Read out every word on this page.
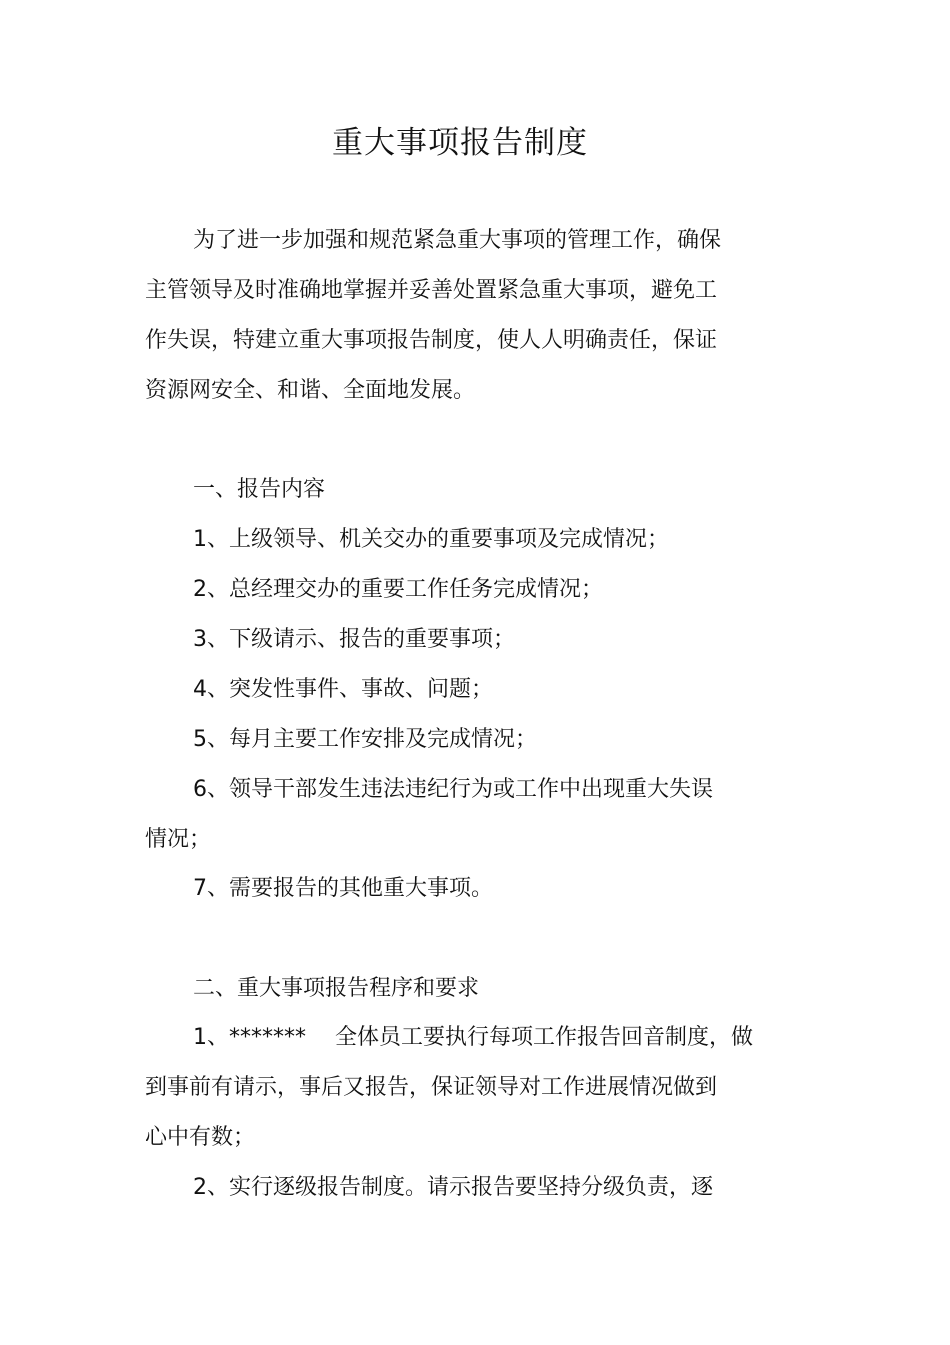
重大事项报告制度

为了进一步加强和规范紧急重大事项的管理工作，确保

主管领导及时准确地掌握并妥善处置紧急重大事项，避免工

作失误，特建立重大事项报告制度，使人人明确责任，保证

资源网安全、和谐、全面地发展。

一、报告内容

1、上级领导、机关交办的重要事项及完成情况；

2、总经理交办的重要工作任务完成情况；

3、下级请示、报告的重要事项；

4、突发性事件、事故、问题；

5、每月主要工作安排及完成情况；

6、领导干部发生违法违纪行为或工作中出现重大失误

情况；

7、需要报告的其他重大事项。

二、重大事项报告程序和要求

1、*******　 全体员工要执行每项工作报告回音制度，做

到事前有请示，事后又报告，保证领导对工作进展情况做到

心中有数；

2、实行逐级报告制度。请示报告要坚持分级负责，逐
